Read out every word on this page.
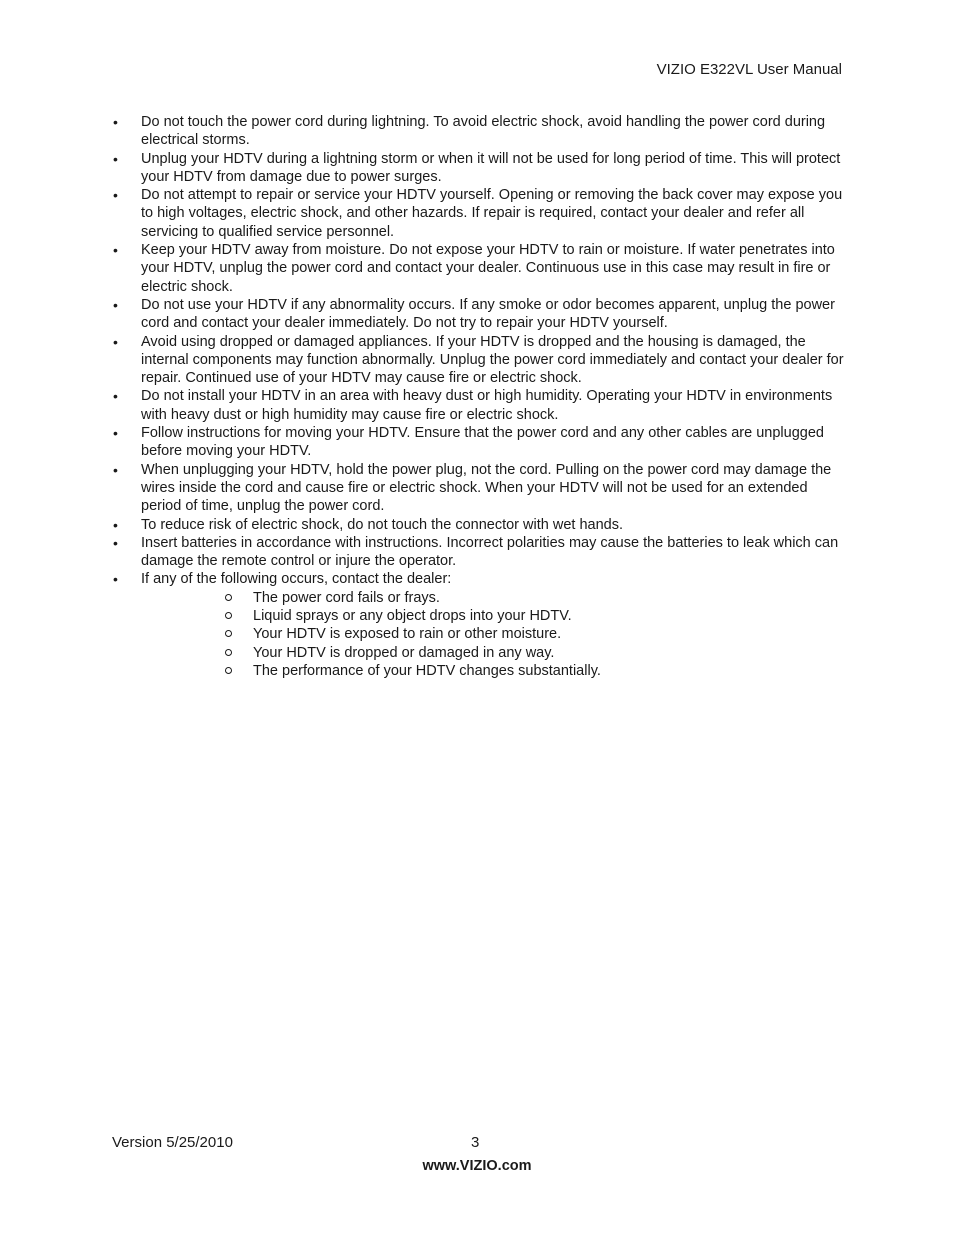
VIZIO E322VL User Manual
• Do not touch the power cord during lightning. To avoid electric shock, avoid handling the power cord during electrical storms.
• Unplug your HDTV during a lightning storm or when it will not be used for long period of time. This will protect your HDTV from damage due to power surges.
• Do not attempt to repair or service your HDTV yourself. Opening or removing the back cover may expose you to high voltages, electric shock, and other hazards. If repair is required, contact your dealer and refer all servicing to qualified service personnel.
• Keep your HDTV away from moisture. Do not expose your HDTV to rain or moisture. If water penetrates into your HDTV, unplug the power cord and contact your dealer. Continuous use in this case may result in fire or electric shock.
• Do not use your HDTV if any abnormality occurs. If any smoke or odor becomes apparent, unplug the power cord and contact your dealer immediately. Do not try to repair your HDTV yourself.
• Avoid using dropped or damaged appliances. If your HDTV is dropped and the housing is damaged, the internal components may function abnormally. Unplug the power cord immediately and contact your dealer for repair. Continued use of your HDTV may cause fire or electric shock.
• Do not install your HDTV in an area with heavy dust or high humidity. Operating your HDTV in environments with heavy dust or high humidity may cause fire or electric shock.
• Follow instructions for moving your HDTV. Ensure that the power cord and any other cables are unplugged before moving your HDTV.
• When unplugging your HDTV, hold the power plug, not the cord. Pulling on the power cord may damage the wires inside the cord and cause fire or electric shock. When your HDTV will not be used for an extended period of time, unplug the power cord.
• To reduce risk of electric shock, do not touch the connector with wet hands.
• Insert batteries in accordance with instructions. Incorrect polarities may cause the batteries to leak which can damage the remote control or injure the operator.
• If any of the following occurs, contact the dealer:
The power cord fails or frays.
Liquid sprays or any object drops into your HDTV.
Your HDTV is exposed to rain or other moisture.
Your HDTV is dropped or damaged in any way.
The performance of your HDTV changes substantially.
Version 5/25/2010	3
www.VIZIO.com
